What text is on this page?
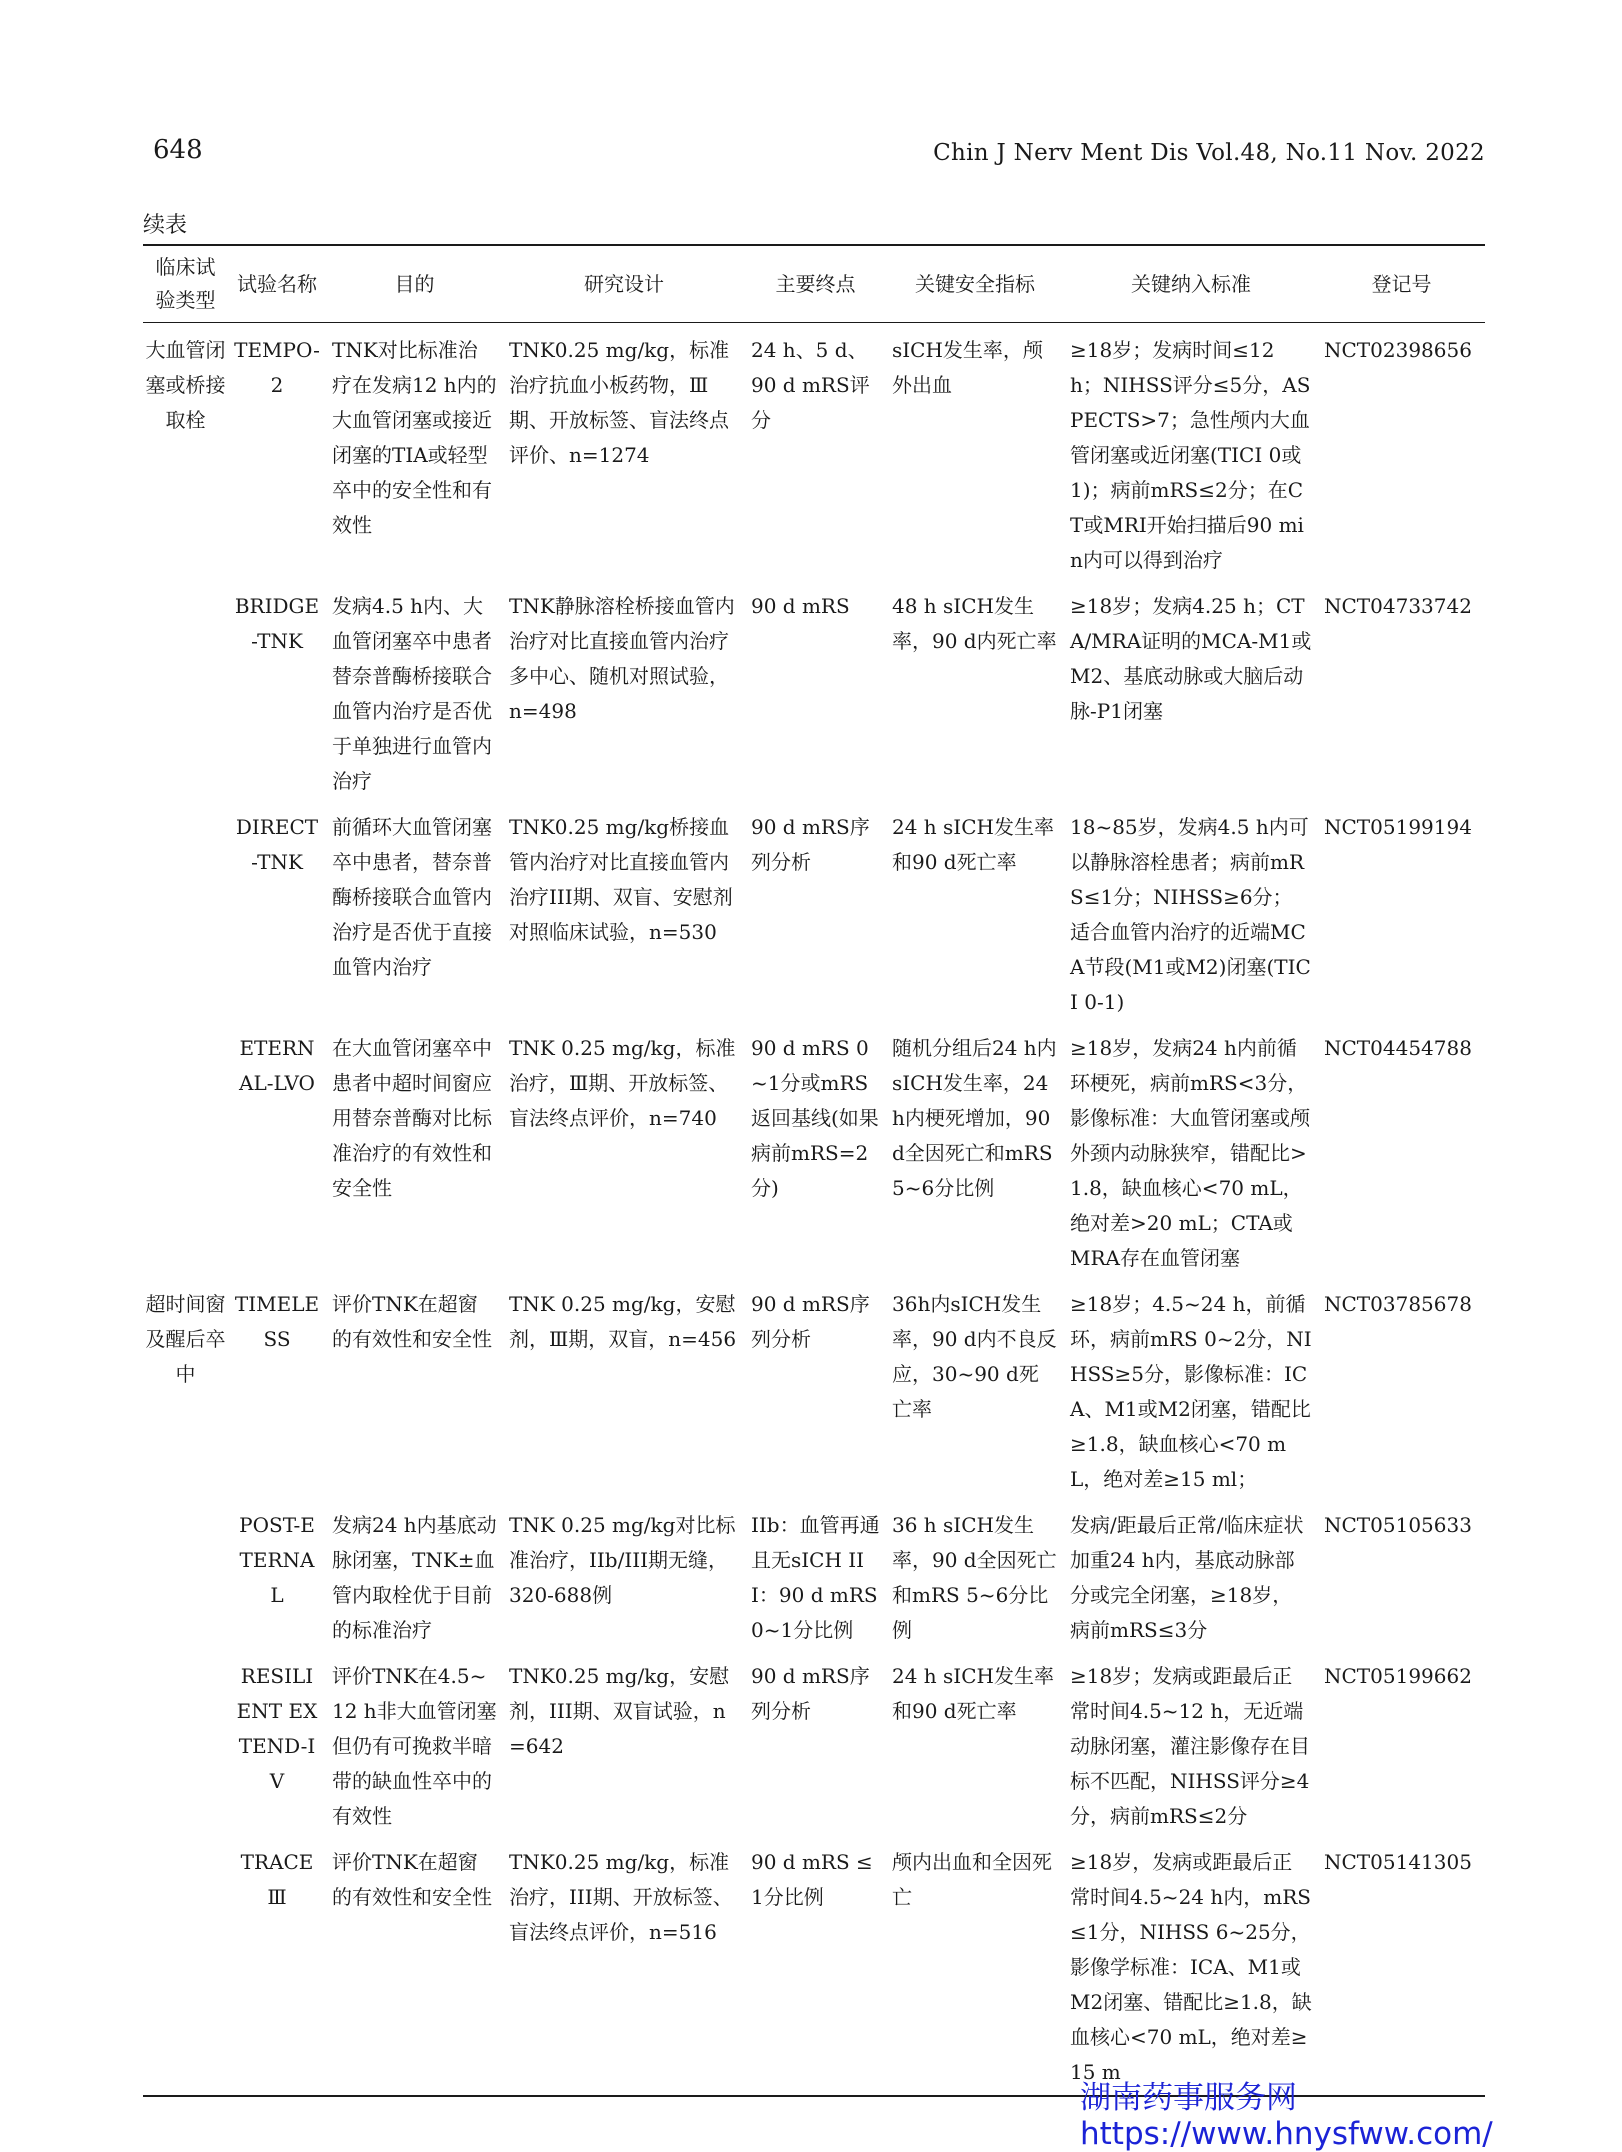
648	Chin J Nerv Ment Dis Vol.48, No.11 Nov. 2022
续表
临床试验类型	试验名称	目的	研究设计	主要终点	关键安全指标	关键纳入标准	登记号
大血管闭塞或桥接取栓	TEMPO-2	TNK对比标准治疗在发病12 h内的大血管闭塞或接近闭塞的TIA或轻型卒中的安全性和有效性	TNK0.25 mg/kg，标准治疗抗血小板药物，Ⅲ期、开放标签、盲法终点评价、n=1274	24 h、5 d、90 d mRS评分	sICH发生率，颅外出血	≥18岁；发病时间≤12 h；NIHSS评分≤5分，ASPECTS>7；急性颅内大血管闭塞或近闭塞(TICI 0或1)；病前mRS≤2分；在CT或MRI开始扫描后90 min内可以得到治疗	NCT02398656
	BRIDGE-TNK	发病4.5 h内、大血管闭塞卒中患者替奈普酶桥接联合血管内治疗是否优于单独进行血管内治疗	TNK静脉溶栓桥接血管内治疗对比直接血管内治疗多中心、随机对照试验，n=498	90 d mRS	48 h sICH发生率，90 d内死亡率	≥18岁；发病4.25 h；CTA/MRA证明的MCA-M1或M2、基底动脉或大脑后动脉-P1闭塞	NCT04733742
	DIRECT-TNK	前循环大血管闭塞卒中患者，替奈普酶桥接联合血管内治疗是否优于直接血管内治疗	TNK0.25 mg/kg桥接血管内治疗对比直接血管内治疗III期、双盲、安慰剂对照临床试验，n=530	90 d mRS序列分析	24 h sICH发生率和90 d死亡率	18~85岁，发病4.5 h内可以静脉溶栓患者；病前mRS≤1分；NIHSS≥6分；适合血管内治疗的近端MCA节段(M1或M2)闭塞(TICI 0-1)	NCT05199194
	ETERNAL-LVO	在大血管闭塞卒中患者中超时间窗应用替奈普酶对比标准治疗的有效性和安全性	TNK 0.25 mg/kg，标准治疗，Ⅲ期、开放标签、盲法终点评价，n=740	90 d mRS 0~1分或mRS返回基线(如果病前mRS=2分)	随机分组后24 h内sICH发生率，24 h内梗死增加，90 d全因死亡和mRS 5~6分比例	≥18岁，发病24 h内前循环梗死，病前mRS<3分，影像标准：大血管闭塞或颅外颈内动脉狭窄，错配比>1.8，缺血核心<70 mL，绝对差>20 mL；CTA或MRA存在血管闭塞	NCT04454788
超时间窗及醒后卒中	TIMELESS	评价TNK在超窗的有效性和安全性	TNK 0.25 mg/kg，安慰剂，Ⅲ期，双盲，n=456	90 d mRS序列分析	36h内sICH发生率，90 d内不良反应，30~90 d死亡率	≥18岁；4.5~24 h，前循环，病前mRS 0~2分，NIHSS≥5分，影像标准：ICA、M1或M2闭塞，错配比≥1.8，缺血核心<70 mL，绝对差≥15 ml；	NCT03785678
	POST-ETERNAL	发病24 h内基底动脉闭塞，TNK±血管内取栓优于目前的标准治疗	TNK 0.25 mg/kg对比标准治疗，IIb/III期无缝，320-688例	IIb：血管再通且无sICH III：90 d mRS 0~1分比例	36 h sICH发生率，90 d全因死亡和mRS 5~6分比例	发病/距最后正常/临床症状加重24 h内，基底动脉部分或完全闭塞，≥18岁，病前mRS≤3分	NCT05105633
	RESILIENT EXTEND-IV	评价TNK在4.5~12 h非大血管闭塞但仍有可挽救半暗带的缺血性卒中的有效性	TNK0.25 mg/kg，安慰剂，III期、双盲试验，n=642	90 d mRS序列分析	24 h sICH发生率和90 d死亡率	≥18岁；发病或距最后正常时间4.5~12 h，无近端动脉闭塞，灌注影像存在目标不匹配，NIHSS评分≥4分，病前mRS≤2分	NCT05199662
	TRACE Ⅲ	评价TNK在超窗的有效性和安全性	TNK0.25 mg/kg，标准治疗，III期、开放标签、盲法终点评价，n=516	90 d mRS ≤1分比例	颅内出血和全因死亡	≥18岁，发病或距最后正常时间4.5~24 h内，mRS≤1分，NIHSS 6~25分，影像学标准：ICA、M1或M2闭塞、错配比≥1.8，缺血核心<70 mL，绝对差≥15 m	NCT05141305
湖南药事服务网
https://www.hnysfww.com/
